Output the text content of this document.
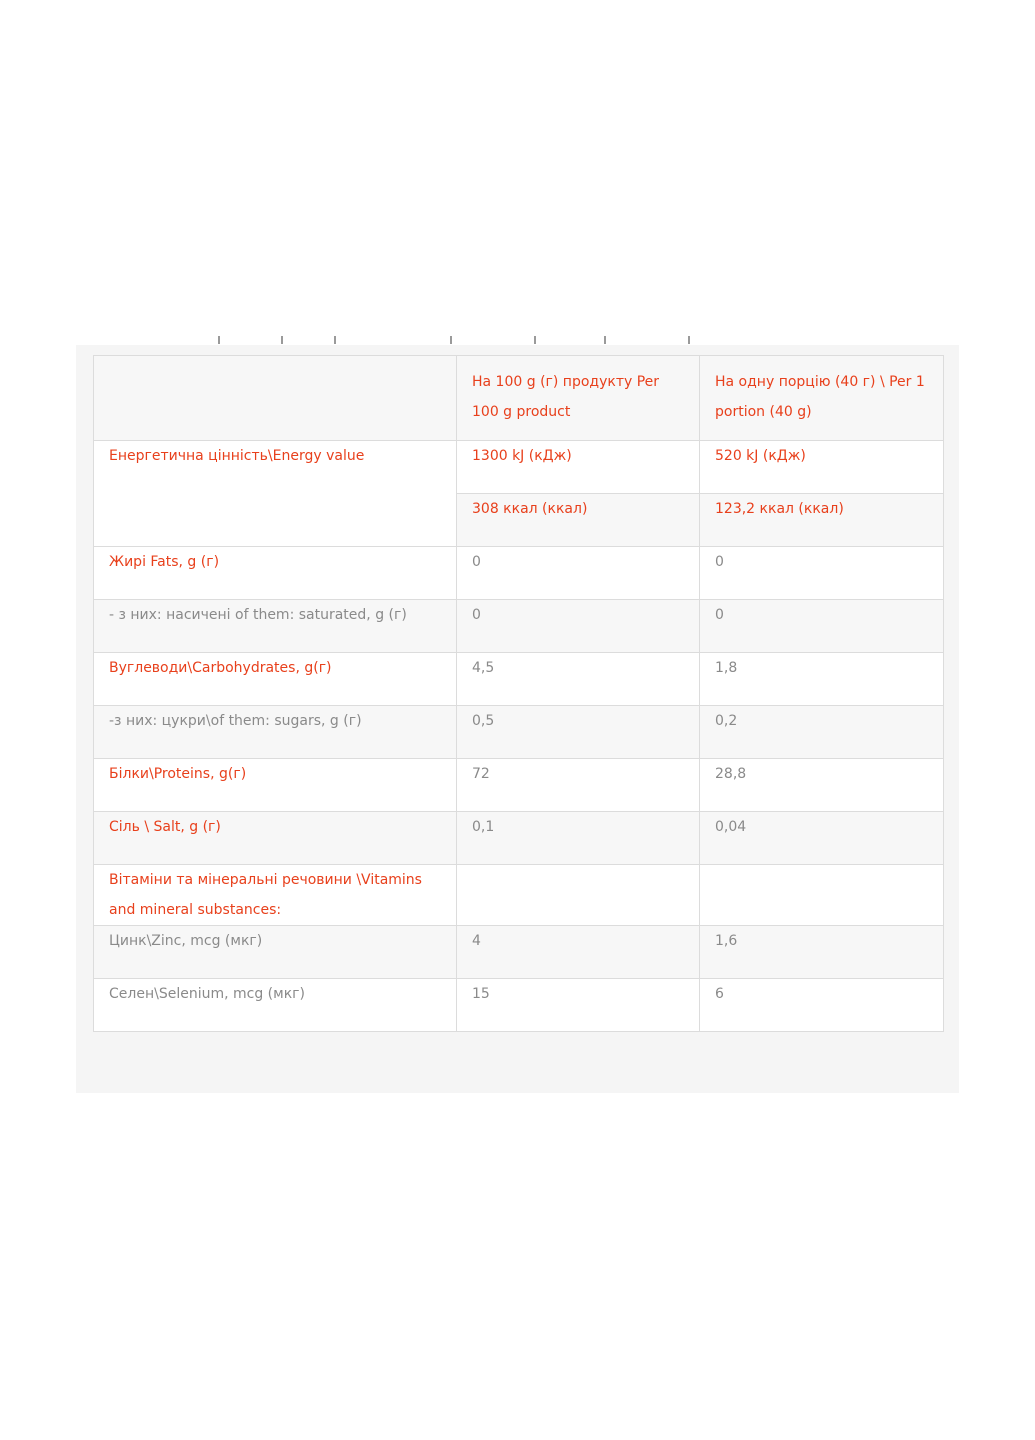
	На 100 g (г) продукту Per 100 g product	На одну порцію (40 г) \ Per 1 portion (40 g)
Енергетична цінність\Energy value	1300 kJ (кДж)	520 kJ (кДж)
	308 ккал (ккал)	123,2 ккал (ккал)
Жирі Fats, g (г)	0	0
- з них: насичені of them: saturated, g (г)	0	0
Вуглеводи\Carbohydrates, g(г)	4,5	1,8
-з них: цукри\of them: sugars, g (г)	0,5	0,2
Білки\Proteins, g(г)	72	28,8
Сіль \ Salt, g (г)	0,1	0,04
Вітаміни та мінеральні речовини \Vitamins and mineral substances:		
Цинк\Zinc, mcg (мкг)	4	1,6
Селен\Selenium, mcg (мкг)	15	6
